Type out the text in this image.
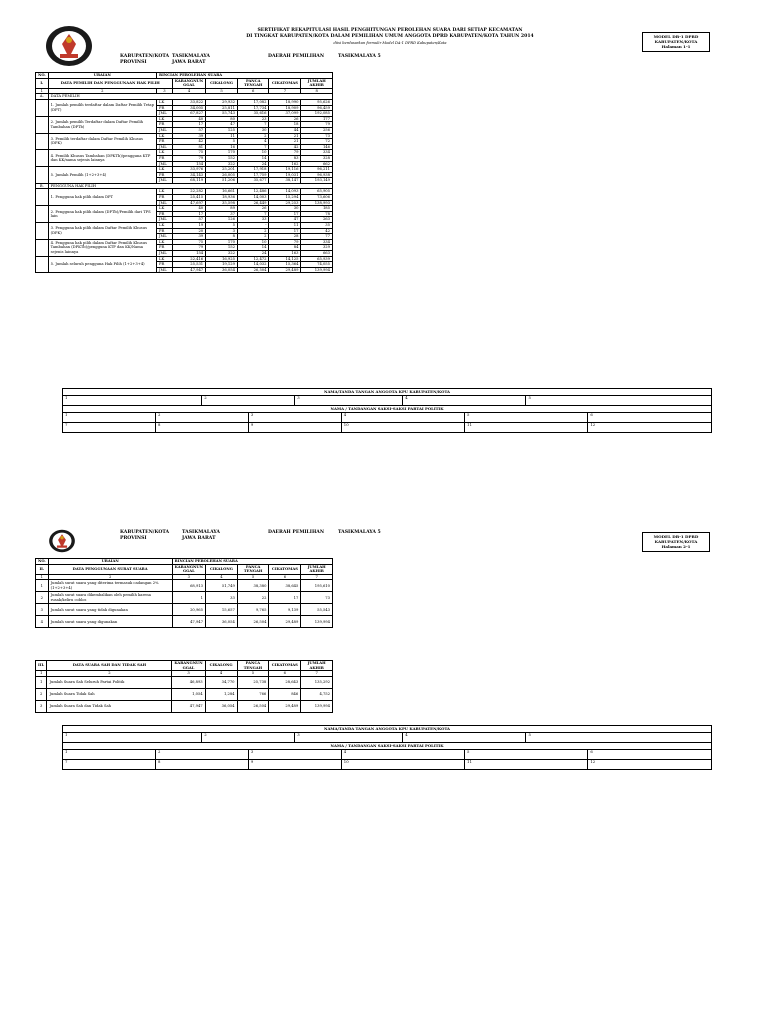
SERTIFIKAT REKAPITULASI HASIL PENGHITUNGAN PEROLEHAN SUARA DARI SETIAP KECAMATAN
DI TINGKAT KABUPATEN/KOTA DALAM PEMILIHAN UMUM ANGGOTA DPRD KABUPATEN/KOTA TAHUN 2014
diisi berdasarkan formulir Model DA-1 DPRD Kabupaten/Kota
MODEL DB-1 DPRD
KABUPATEN/KOTA
Halaman 1-1
KABUPATEN/KOTA
PROVINSI
TASIKMALAYA
JAWA BARAT
DAERAH PEMILIHAN	TASIKMALAYA 5
NO.	URAIAN	RINCIAN PEROLEHAN SUARA					
I.	DATA PEMILIH DAN PENGGUNAAN HAK PILIH		KARANGNUN GGAL	CIKALONG	PANCA TENGAH	CIKATOMAS	JUMLAH AKHIR
1	2	3	4	5	6	7	8
A.	DATA PEMILIH						
	1. Jumlah pemilih terdaftar dalam Daftar Pemilih Tetap (DPT)	LK	33,822	29,932	17,082	18,990	95,626
		PR	34,005	25,811	17,734	18,909	96,459
		JML	67,827	55,743	35,616	37,099	192,085
	2. Jumlah pemilih Terdaftar dalam Daftar Pemilih Tambahan (DPTb)	LK	40	80	23	26	177
		PR	17	47	7	18	79
		JML	57	125	30	44	256
	3. Pemilih terdaftar dalam Daftar Pemilih Khusus (DPK)	LK	39	11	2	21	73
		PR	42	5	4	21	72
		JML	81	16	7	42	146
	4. Pemilih Khusus Tambahan (DPKTb)/pengguna KTP dan KK/nama sejenis lainnya	LK	75	170	10	79	334
		PR	79	152	14	83	328
		JML	154	322	24	162	662
	5. Jumlah Pemilih (1+2+3+4)	LK	33,976	25,201	17,918	19,116	96,211
		PR	34,143	26,005	17,759	19,031	96,938
		JML	68,119	51,206	35,677	38,147	193,149
B.	PENGGUNA HAK PILIH						
	1. Pengguna hak pilih dalam DPT	LK	22,282	16,661	12,486	14,093	65,905
		PR	25,415	18,936	14,003	15,294	73,606
		JML	47,697	35,598	26,449	29,253	138,993
	2. Pengguna hak pilih dalam (DPTb)/Pemilih dari TPS lain	LK	40	89	26	30	185
		PR	17	37	7	17	78
		JML	57	126	33	47	263
	3. Pengguna hak pilih dalam Daftar Pemilih Khusus (DPK)	LK	19	5	-	11	35
		PR	20	3	2	17	42
		JML	39	8	2	28	77
	4. Pengguna hak pilih dalam Daftar Pemilih Khusus Tambahan (DPKTb)/pengguna KTP dan KK/Nama sejenis lainnya	LK	75	170	10	79	334
		PR	79	152	14	84	329
		JML	154	322	24	163	663
	5. Jumlah seluruh pengguna Hak Pilih (1+2+3+4)	LK	22,416	16,925	12,472	14,125	65,939
		PR	25,531	19,129	14,032	15,364	74,055
		JML	47,947	36,054	26,504	29,489	139,994
NAMA/TANDA TANGAN ANGGOTA KPU KABUPATEN/KOTA									
1		2		3		4		5	
NAMA / TANDANGAN SAKSI-SAKSI PARTAI POLITIK									
1	2		3		4		5		6
7	8		9		10		11		12
MODEL DB-1 DPRD
KABUPATEN/KOTA
Halaman 2-1
KABUPATEN/KOTA
PROVINSI
TASIKMALAYA
JAWA BARAT
DAERAH PEMILIHAN	TASIKMALAYA 5
NO.	URAIAN	RINCIAN PEROLEHAN SUARA				
II.	DATA PENGGUNAAN SURAT SUARA	KARANGNUN GGAL	CIKALONG	PANCA TENGAH	CIKATOMAS	JUMLAH AKHIR
1	2	3	4	5	6	7
1	Jumlah surat suara yang diterima termasuk cadangan 2% (1+2+3+4)	68,913	51,749	38,380	38,645	195,610
2	Jumlah surat suara dikembalikan oleh pemilih karena rusak/keliru coblos	1	33	22	17	73
3	Jumlah surat suara yang tidak digunakan	20,965	15,657	9,765	9,139	55,543
4	Jumlah surat suara yang digunakan	47,947	36,054	26,504	29,489	139,994
III.	DATA SUARA SAH DAN TIDAK SAH	KARANGNUN GGAL	CIKALONG	PANCA TENGAH	CIKATOMAS	JUMLAH AKHIR
1	2	3	4	5	6	7
1	Jumlah Suara Sah Seluruh Partai Politik	46,893	34,770	25,738	28,643	135,292
2	Jumlah Suara Tidak Sah	1,054	1,284	766	846	4,752
3	Jumlah Suara Sah dan Tidak Sah	47,947	36,054	26,504	29,489	139,994
NAMA/TANDA TANGAN ANGGOTA KPU KABUPATEN/KOTA									
1		2		3		4		5	
NAMA / TANDANGAN SAKSI-SAKSI PARTAI POLITIK									
1	2		3		4		5		6
7	8		9		10		11		12
